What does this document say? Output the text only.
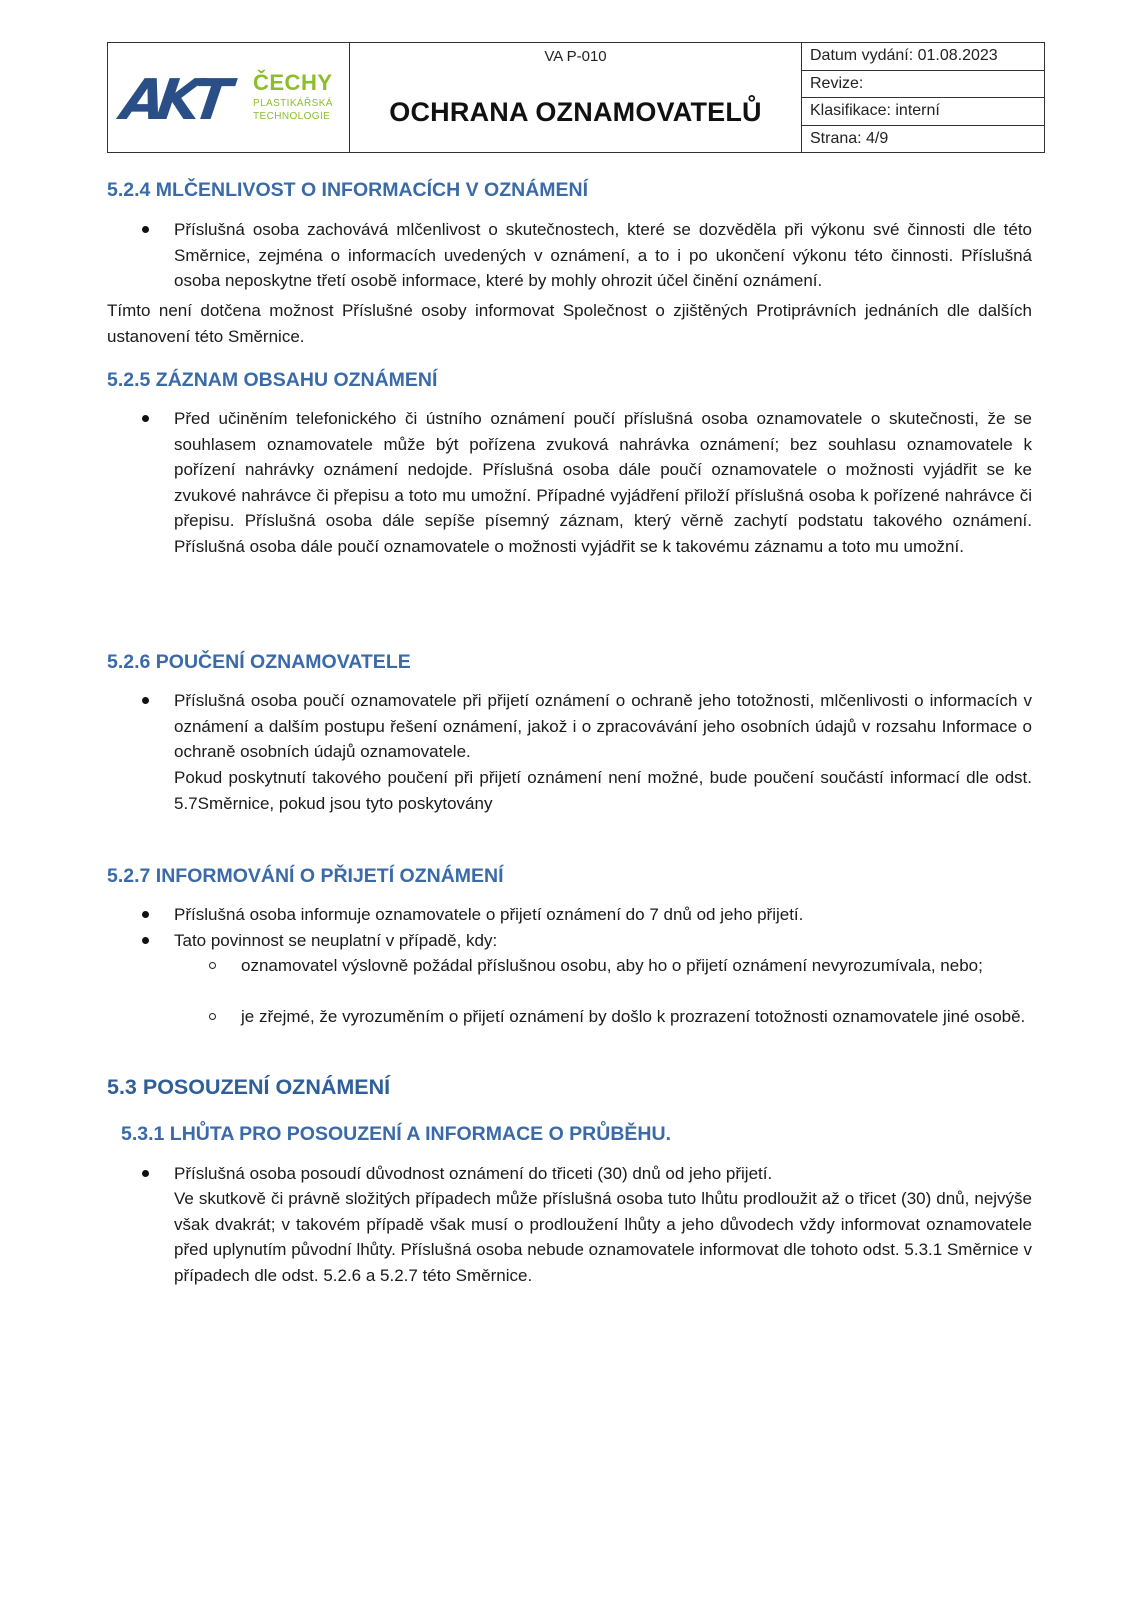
AKT ČECHY
PLASTIKÁŘSKÁ
TECHNOLOGIE
VA P-010
OCHRANA OZNAMOVATELŮ
Datum vydání: 01.08.2023
Revize:
Klasifikace: interní
Strana: 4/9
5.2.4 MLČENLIVOST O INFORMACÍCH V OZNÁMENÍ
Příslušná osoba zachovává mlčenlivost o skutečnostech, které se dozvěděla při výkonu své činnosti dle této Směrnice, zejména o informacích uvedených v oznámení, a to i po ukončení výkonu této činnosti. Příslušná osoba neposkytne třetí osobě informace, které by mohly ohrozit účel činění oznámení.
Tímto není dotčena možnost Příslušné osoby informovat Společnost o zjištěných Protiprávních jednáních dle dalších ustanovení této Směrnice.
5.2.5 ZÁZNAM OBSAHU OZNÁMENÍ
Před učiněním telefonického či ústního oznámení poučí příslušná osoba oznamovatele o skutečnosti, že se souhlasem oznamovatele může být pořízena zvuková nahrávka oznámení; bez souhlasu oznamovatele k pořízení nahrávky oznámení nedojde. Příslušná osoba dále poučí oznamovatele o možnosti vyjádřit se ke zvukové nahrávce či přepisu a toto mu umožní. Případné vyjádření přiloží příslušná osoba k pořízené nahrávce či přepisu. Příslušná osoba dále sepíše písemný záznam, který věrně zachytí podstatu takového oznámení. Příslušná osoba dále poučí oznamovatele o možnosti vyjádřit se k takovému záznamu a toto mu umožní.
5.2.6 POUČENÍ OZNAMOVATELE
Příslušná osoba poučí oznamovatele při přijetí oznámení o ochraně jeho totožnosti, mlčenlivosti o informacích v oznámení a dalším postupu řešení oznámení, jakož i o zpracovávání jeho osobních údajů v rozsahu Informace o ochraně osobních údajů oznamovatele.
Pokud poskytnutí takového poučení při přijetí oznámení není možné, bude poučení součástí informací dle odst. 5.7Směrnice, pokud jsou tyto poskytovány
5.2.7 INFORMOVÁNÍ O PŘIJETÍ OZNÁMENÍ
Příslušná osoba informuje oznamovatele o přijetí oznámení do 7 dnů od jeho přijetí.
Tato povinnost se neuplatní v případě, kdy:
oznamovatel výslovně požádal příslušnou osobu, aby ho o přijetí oznámení nevyrozumívala, nebo;
je zřejmé, že vyrozuměním o přijetí oznámení by došlo k prozrazení totožnosti oznamovatele jiné osobě.
5.3 POSOUZENÍ OZNÁMENÍ
5.3.1 LHŮTA PRO POSOUZENÍ A INFORMACE O PRŮBĚHU.
Příslušná osoba posoudí důvodnost oznámení do třiceti (30) dnů od jeho přijetí.
Ve skutkově či právně složitých případech může příslušná osoba tuto lhůtu prodloužit až o třicet (30) dnů, nejvýše však dvakrát; v takovém případě však musí o prodloužení lhůty a jeho důvodech vždy informovat oznamovatele před uplynutím původní lhůty. Příslušná osoba nebude oznamovatele informovat dle tohoto odst. 5.3.1 Směrnice v případech dle odst. 5.2.6 a 5.2.7 této Směrnice.
